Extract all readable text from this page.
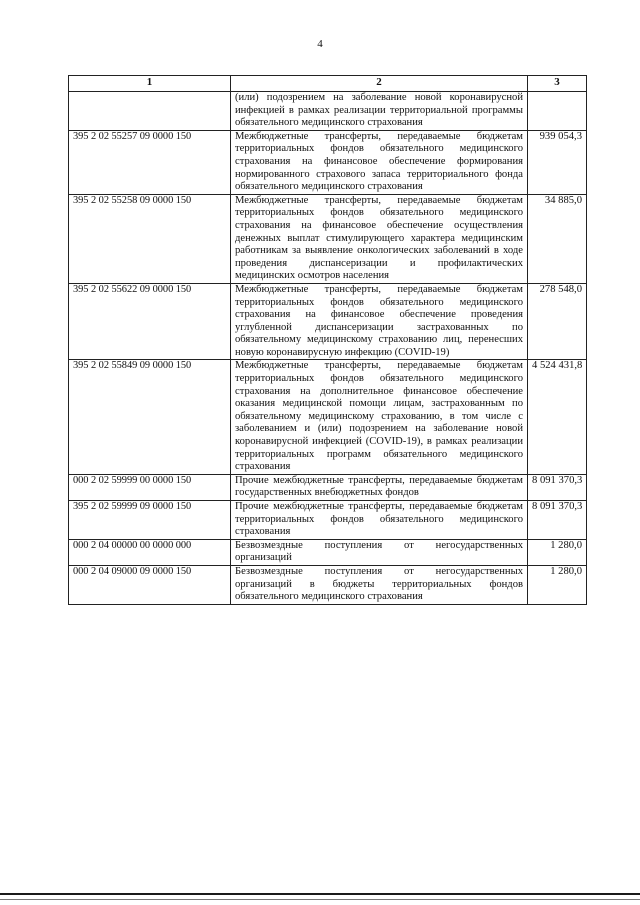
4
1	2	3
	(или) подозрением на заболевание новой коронавирусной инфекцией в рамках реализации территориальной программы обязательного медицинского страхования	
395 2 02 55257 09 0000 150	Межбюджетные трансферты, передаваемые бюджетам территориальных фондов обязательного медицинского страхования на финансовое обеспечение формирования нормированного страхового запаса территориального фонда обязательного медицинского страхования	939 054,3
395 2 02 55258 09 0000 150	Межбюджетные трансферты, передаваемые бюджетам территориальных фондов обязательного медицинского страхования на финансовое обеспечение осуществления денежных выплат стимулирующего характера медицинским работникам за выявление онкологических заболеваний в ходе проведения диспансеризации и профилактических медицинских осмотров населения	34 885,0
395 2 02 55622 09 0000 150	Межбюджетные трансферты, передаваемые бюджетам территориальных фондов обязательного медицинского страхования на финансовое обеспечение проведения углубленной диспансеризации застрахованных по обязательному медицинскому страхованию лиц, перенесших новую коронавирусную инфекцию (COVID-19)	278 548,0
395 2 02 55849 09 0000 150	Межбюджетные трансферты, передаваемые бюджетам территориальных фондов обязательного медицинского страхования на дополнительное финансовое обеспечение оказания медицинской помощи лицам, застрахованным по обязательному медицинскому страхованию, в том числе с заболеванием и (или) подозрением на заболевание новой коронавирусной инфекцией (COVID-19), в рамках реализации территориальных программ обязательного медицинского страхования	4 524 431,8
000 2 02 59999 00 0000 150	Прочие межбюджетные трансферты, передаваемые бюджетам государственных внебюджетных фондов	8 091 370,3
395 2 02 59999 09 0000 150	Прочие межбюджетные трансферты, передаваемые бюджетам территориальных фондов обязательного медицинского страхования	8 091 370,3
000 2 04 00000 00 0000 000	Безвозмездные поступления от негосударственных организаций	1 280,0
000 2 04 09000 09 0000 150	Безвозмездные поступления от негосударственных организаций в бюджеты территориальных фондов обязательного медицинского страхования	1 280,0
